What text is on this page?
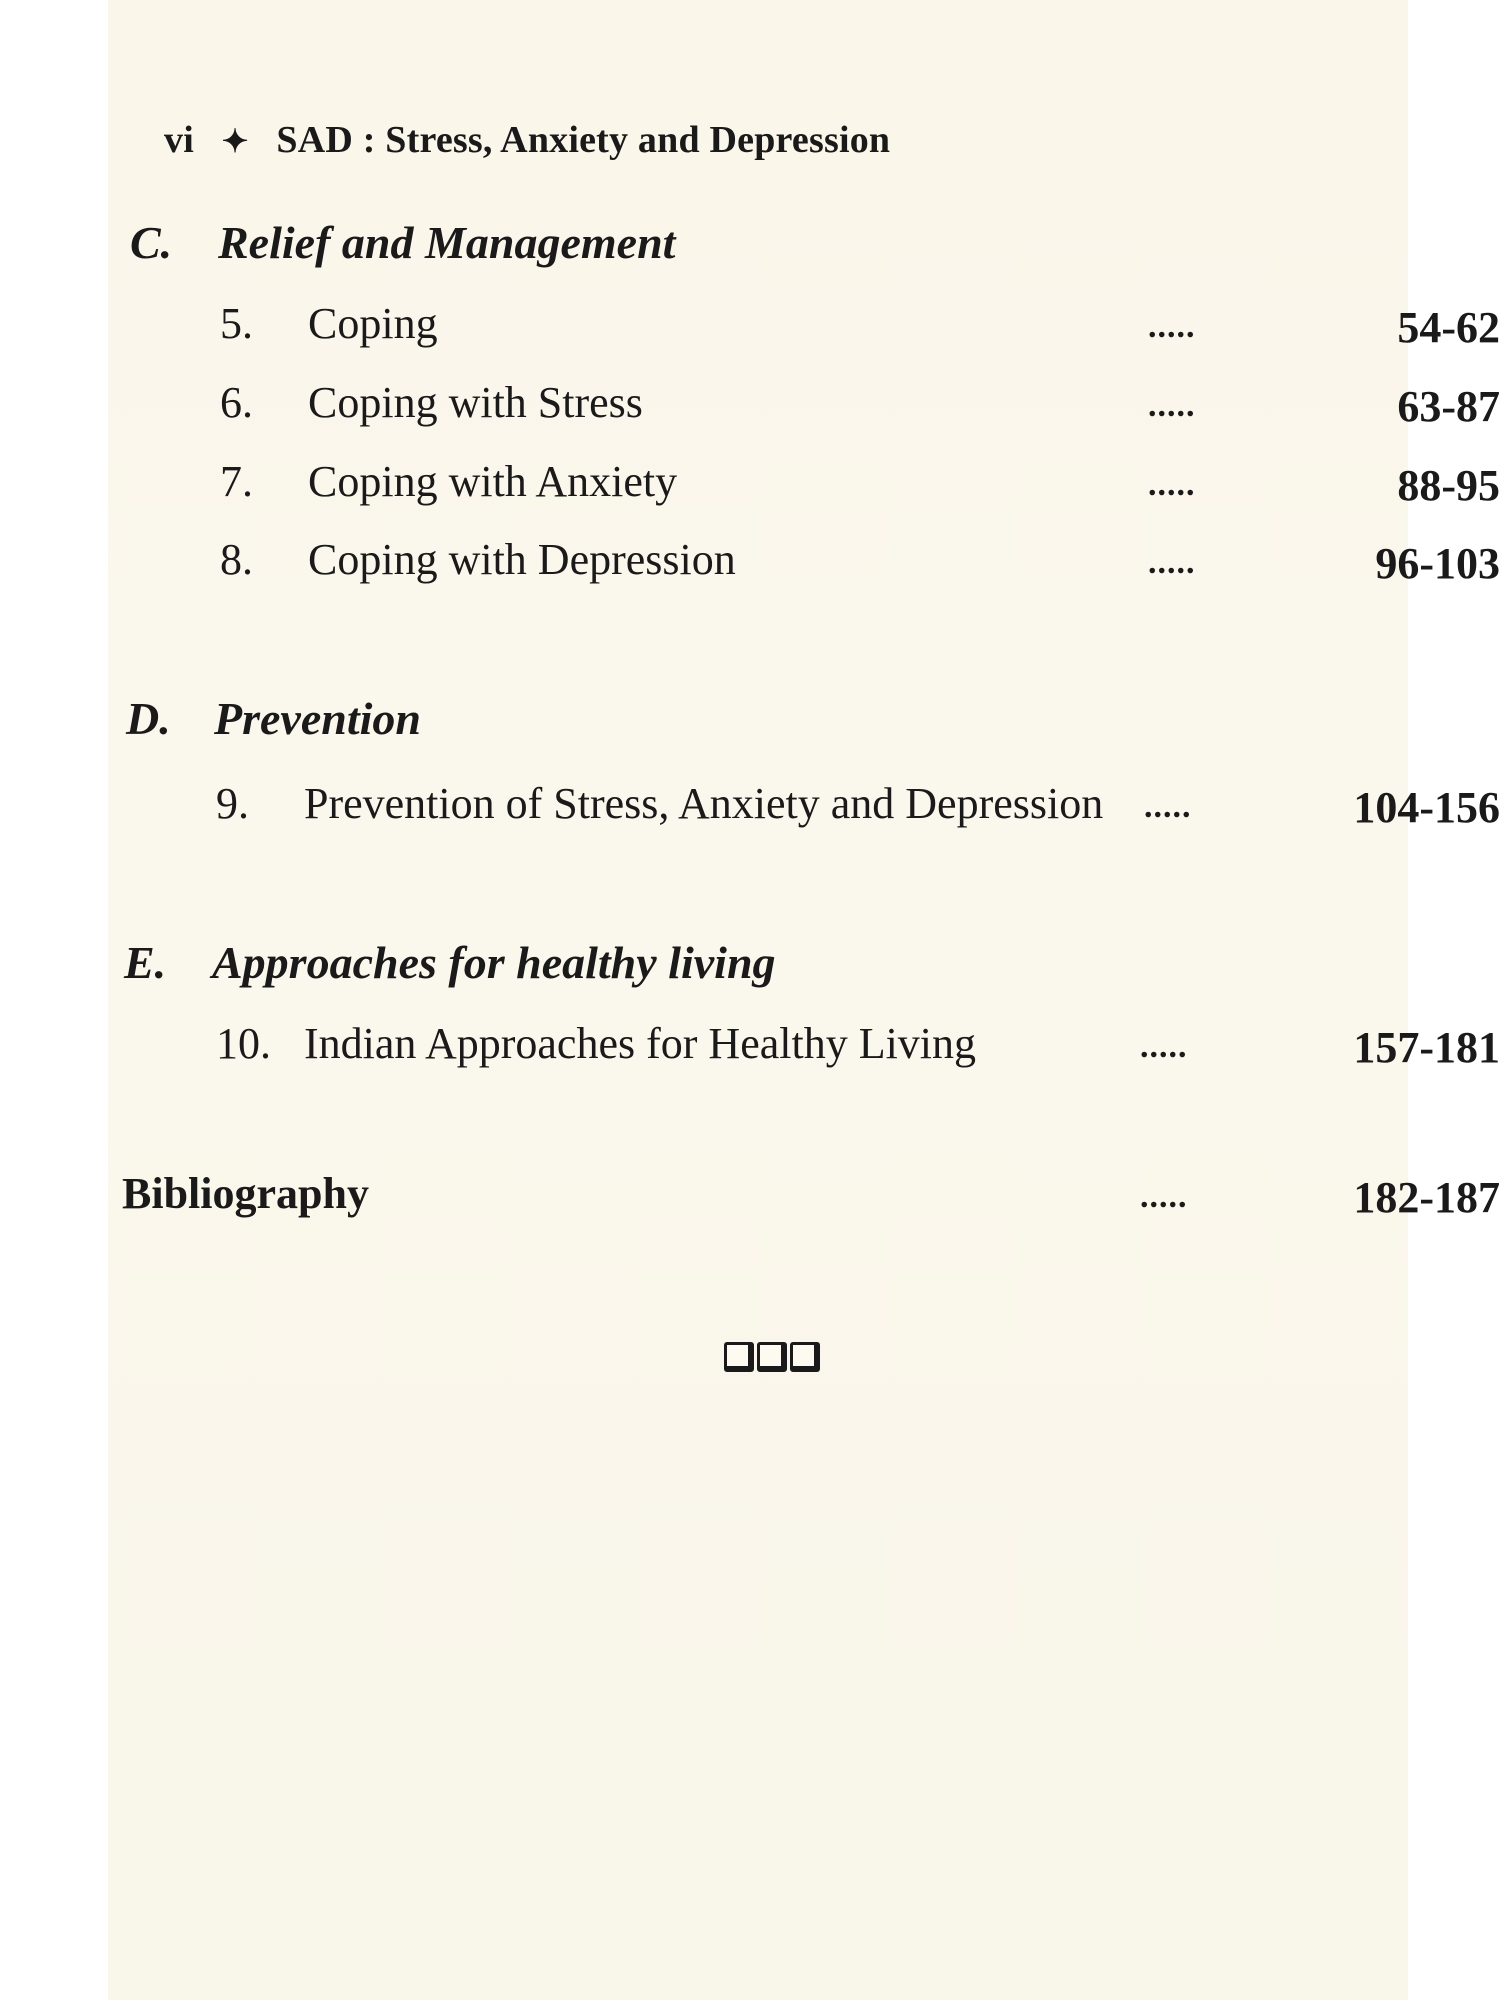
vi ✦ SAD : Stress, Anxiety and Depression
C. Relief and Management
5. Coping	.....	54-62
6. Coping with Stress	.....	63-87
7. Coping with Anxiety	.....	88-95
8. Coping with Depression	.....	96-103
D. Prevention
9. Prevention of Stress, Anxiety and Depression .....	104-156
E. Approaches for healthy living
10. Indian Approaches for Healthy Living	.....	157-181
Bibliography	.....	182-187
